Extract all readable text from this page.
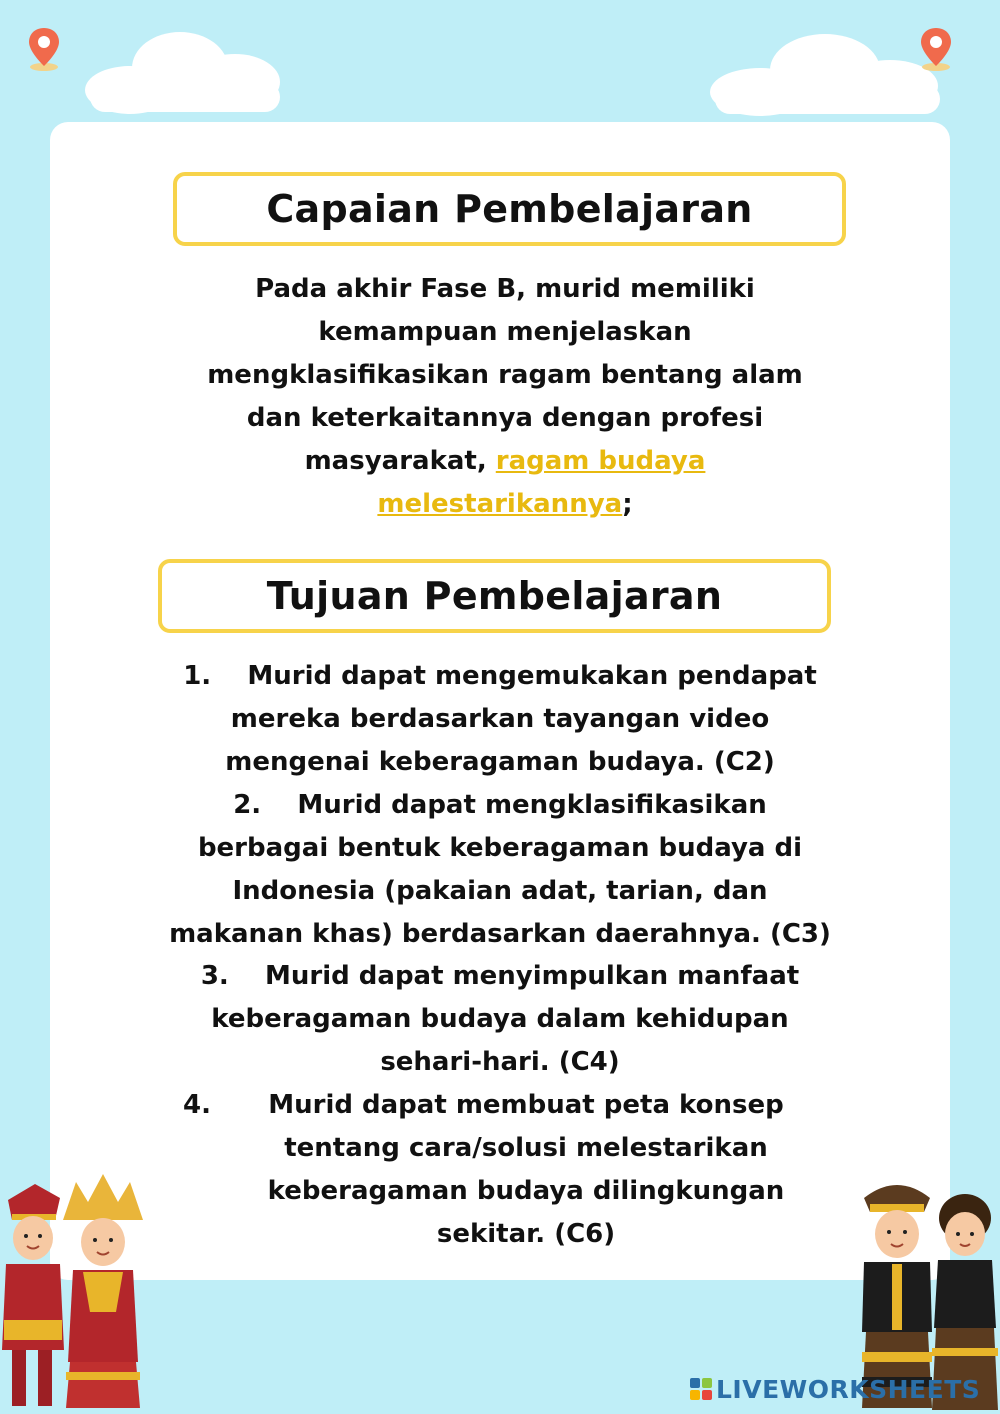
Capaian Pembelajaran
Pada akhir Fase B, murid memiliki
kemampuan menjelaskan
mengklasifikasikan ragam bentang alam
dan keterkaitannya dengan profesi
masyarakat, ragam budaya
melestarikannya;
Tujuan Pembelajaran
1.    Murid dapat mengemukakan pendapat
mereka berdasarkan tayangan video
mengenai keberagaman budaya. (C2)
2.    Murid dapat mengklasifikasikan
berbagai bentuk keberagaman budaya di
Indonesia (pakaian adat, tarian, dan
makanan khas) berdasarkan daerahnya. (C3)
3.    Murid dapat menyimpulkan manfaat
keberagaman budaya dalam kehidupan
sehari-hari. (C4)
4.	Murid dapat membuat peta konsep
tentang cara/solusi melestarikan
keberagaman budaya dilingkungan
sekitar. (C6)
LIVEWORKSHEETS
